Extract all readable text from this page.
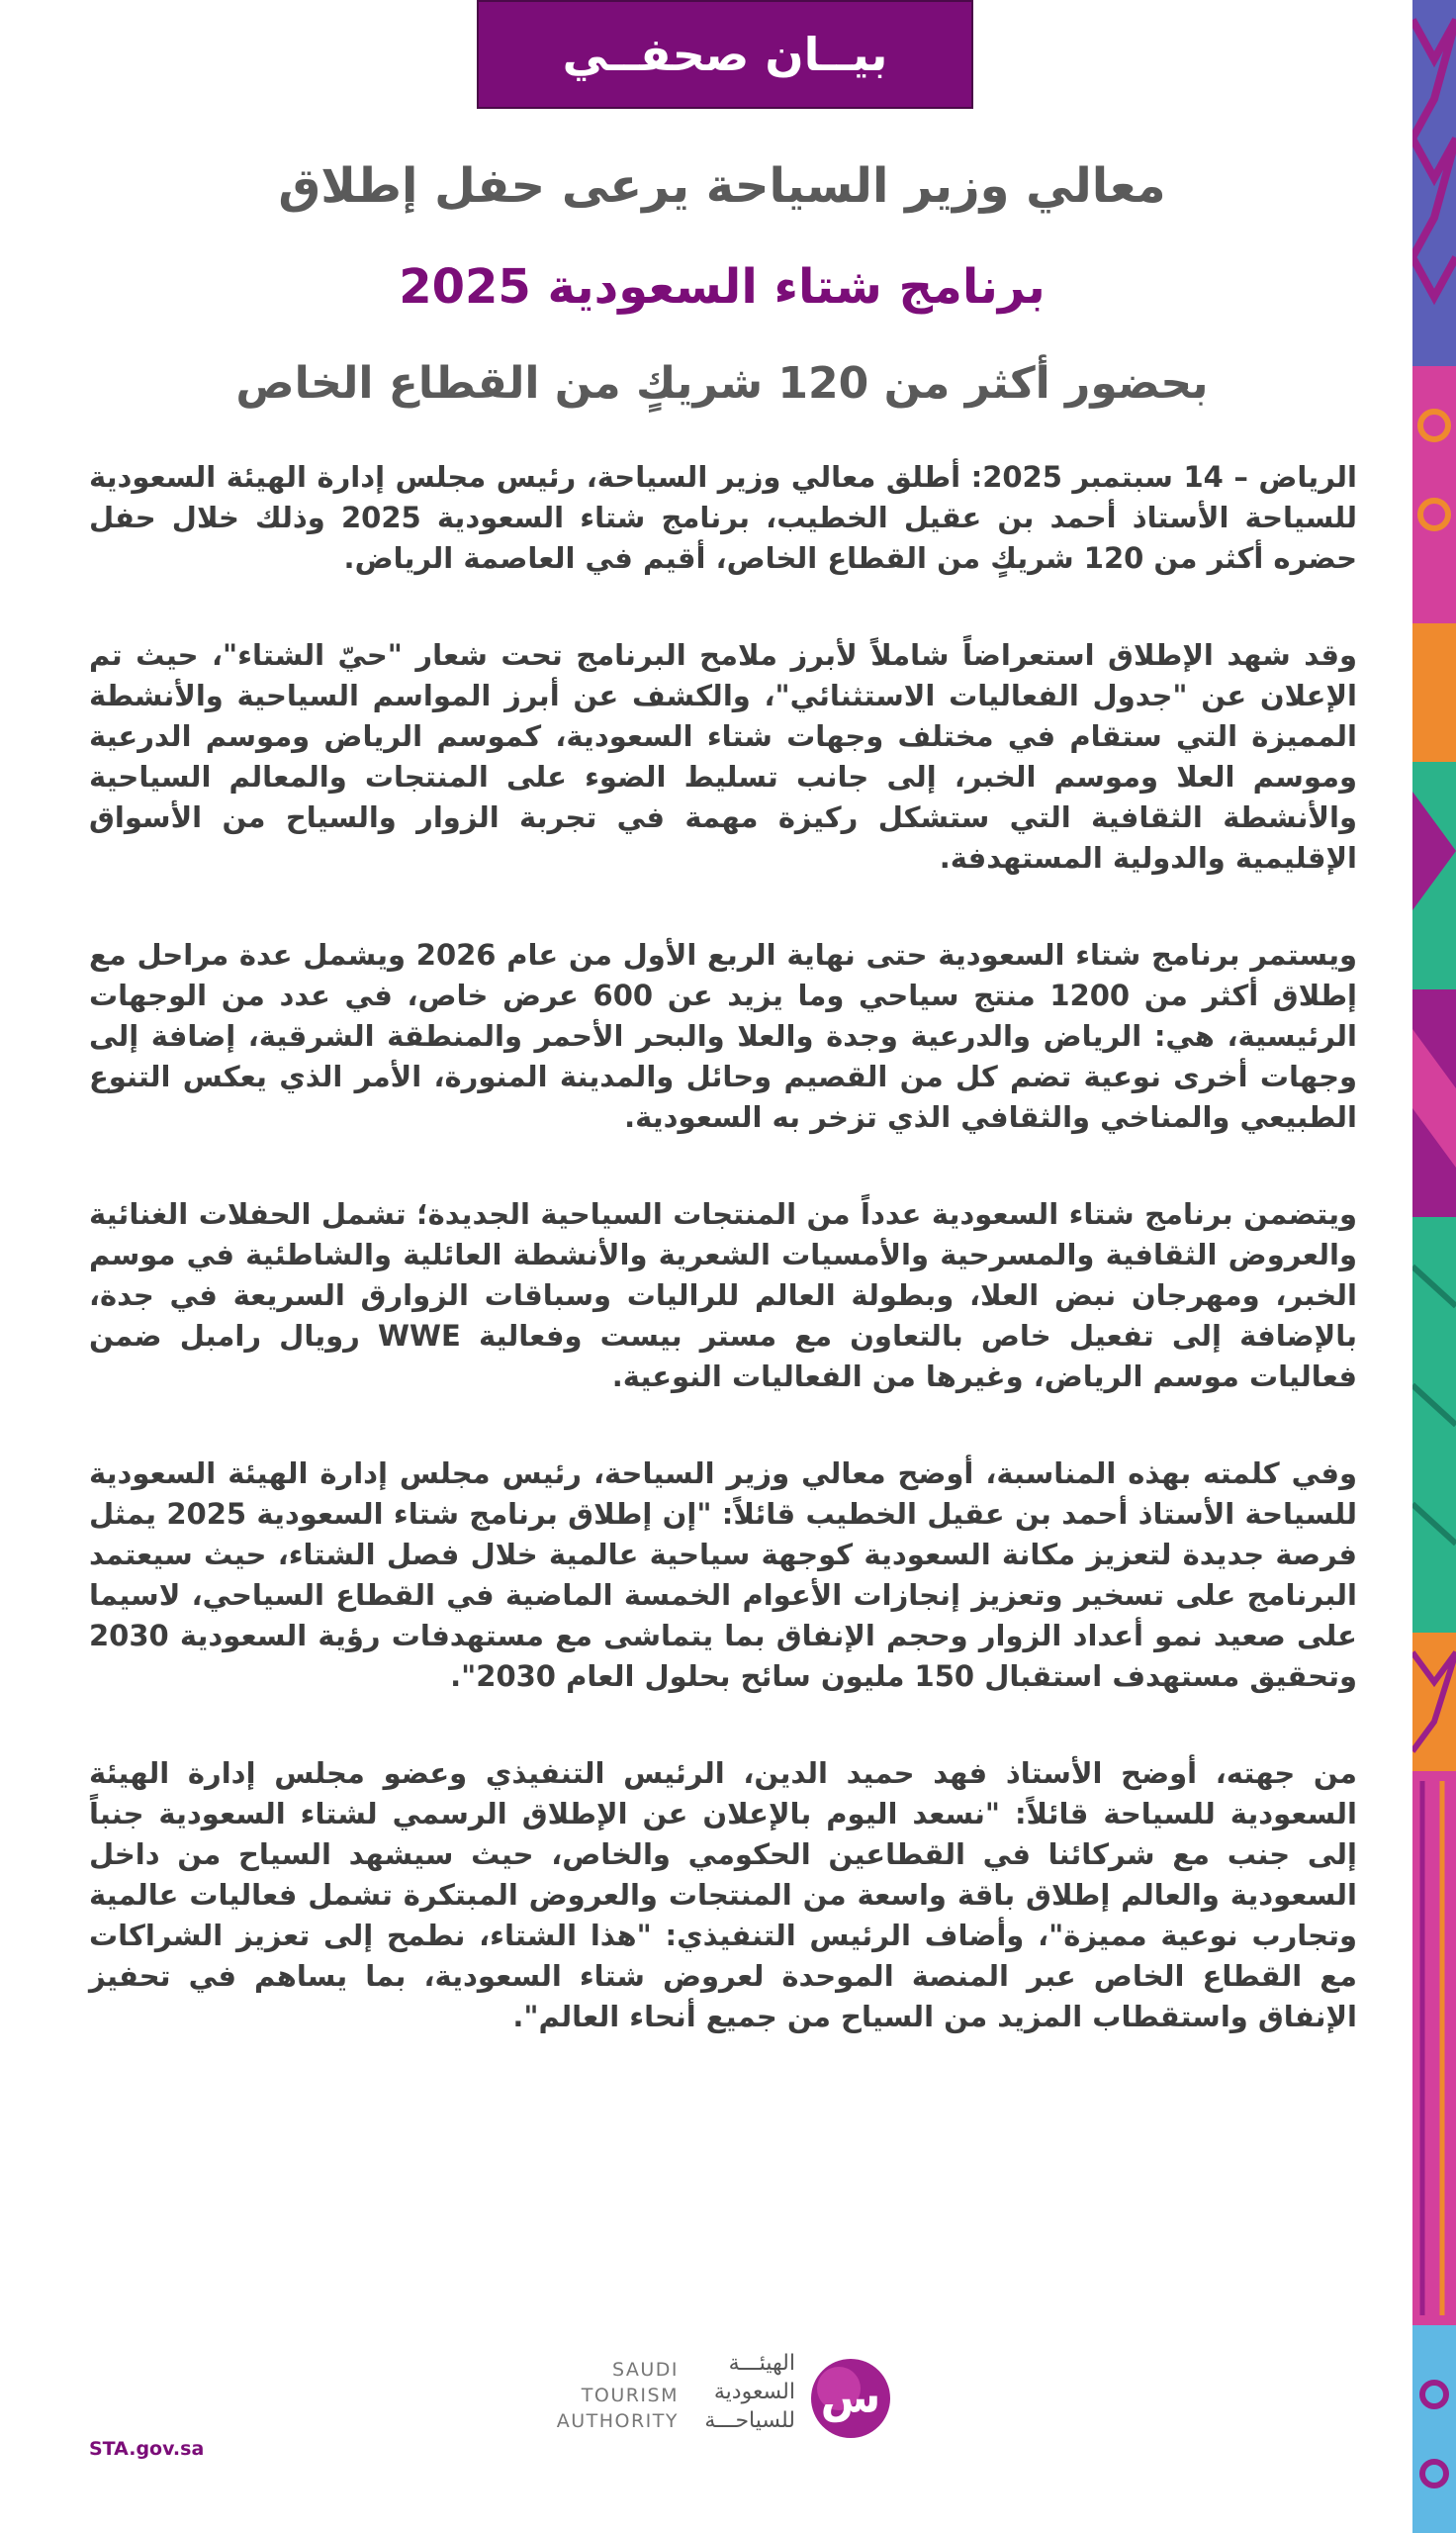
بيــان صحفــي
معالي وزير السياحة يرعى حفل إطلاق
برنامج شتاء السعودية 2025
بحضور أكثر من 120 شريكٍ من القطاع الخاص

الرياض – 14 سبتمبر 2025: أطلق معالي وزير السياحة، رئيس مجلس إدارة الهيئة السعودية للسياحة الأستاذ أحمد بن عقيل الخطيب، برنامج شتاء السعودية 2025 وذلك خلال حفل حضره أكثر من 120 شريكٍ من القطاع الخاص، أقيم في العاصمة الرياض.

وقد شهد الإطلاق استعراضاً شاملاً لأبرز ملامح البرنامج تحت شعار "حيّ الشتاء"، حيث تم الإعلان عن "جدول الفعاليات الاستثنائي"، والكشف عن أبرز المواسم السياحية والأنشطة المميزة التي ستقام في مختلف وجهات شتاء السعودية، كموسم الرياض وموسم الدرعية وموسم العلا وموسم الخبر، إلى جانب تسليط الضوء على المنتجات والمعالم السياحية والأنشطة الثقافية التي ستشكل ركيزة مهمة في تجربة الزوار والسياح من الأسواق الإقليمية والدولية المستهدفة.

ويستمر برنامج شتاء السعودية حتى نهاية الربع الأول من عام 2026 ويشمل عدة مراحل مع إطلاق أكثر من 1200 منتج سياحي وما يزيد عن 600 عرض خاص، في عدد من الوجهات الرئيسية، هي: الرياض والدرعية وجدة والعلا والبحر الأحمر والمنطقة الشرقية، إضافة إلى وجهات أخرى نوعية تضم كل من القصيم وحائل والمدينة المنورة، الأمر الذي يعكس التنوع الطبيعي والمناخي والثقافي الذي تزخر به السعودية.

ويتضمن برنامج شتاء السعودية عدداً من المنتجات السياحية الجديدة؛ تشمل الحفلات الغنائية والعروض الثقافية والمسرحية والأمسيات الشعرية والأنشطة العائلية والشاطئية في موسم الخبر، ومهرجان نبض العلا، وبطولة العالم للراليات وسباقات الزوارق السريعة في جدة، بالإضافة إلى تفعيل خاص بالتعاون مع مستر بيست وفعالية WWE رويال رامبل ضمن فعاليات موسم الرياض، وغيرها من الفعاليات النوعية.

وفي كلمته بهذه المناسبة، أوضح معالي وزير السياحة، رئيس مجلس إدارة الهيئة السعودية للسياحة الأستاذ أحمد بن عقيل الخطيب قائلاً: "إن إطلاق برنامج شتاء السعودية 2025 يمثل فرصة جديدة لتعزيز مكانة السعودية كوجهة سياحية عالمية خلال فصل الشتاء، حيث سيعتمد البرنامج على تسخير وتعزيز إنجازات الأعوام الخمسة الماضية في القطاع السياحي، لاسيما على صعيد نمو أعداد الزوار وحجم الإنفاق بما يتماشى مع مستهدفات رؤية السعودية 2030 وتحقيق مستهدف استقبال 150 مليون سائح بحلول العام 2030".

من جهته، أوضح الأستاذ فهد حميد الدين، الرئيس التنفيذي وعضو مجلس إدارة الهيئة السعودية للسياحة قائلاً: "نسعد اليوم بالإعلان عن الإطلاق الرسمي لشتاء السعودية جنباً إلى جنب مع شركائنا في القطاعين الحكومي والخاص، حيث سيشهد السياح من داخل السعودية والعالم إطلاق باقة واسعة من المنتجات والعروض المبتكرة تشمل فعاليات عالمية وتجارب نوعية مميزة"، وأضاف الرئيس التنفيذي: "هذا الشتاء، نطمح إلى تعزيز الشراكات مع القطاع الخاص عبر المنصة الموحدة لعروض شتاء السعودية، بما يساهم في تحفيز الإنفاق واستقطاب المزيد من السياح من جميع أنحاء العالم".

SAUDI
TOURISM
AUTHORITY
الهيئـــة
السعودية
للسياحـــة س
STA.gov.sa
